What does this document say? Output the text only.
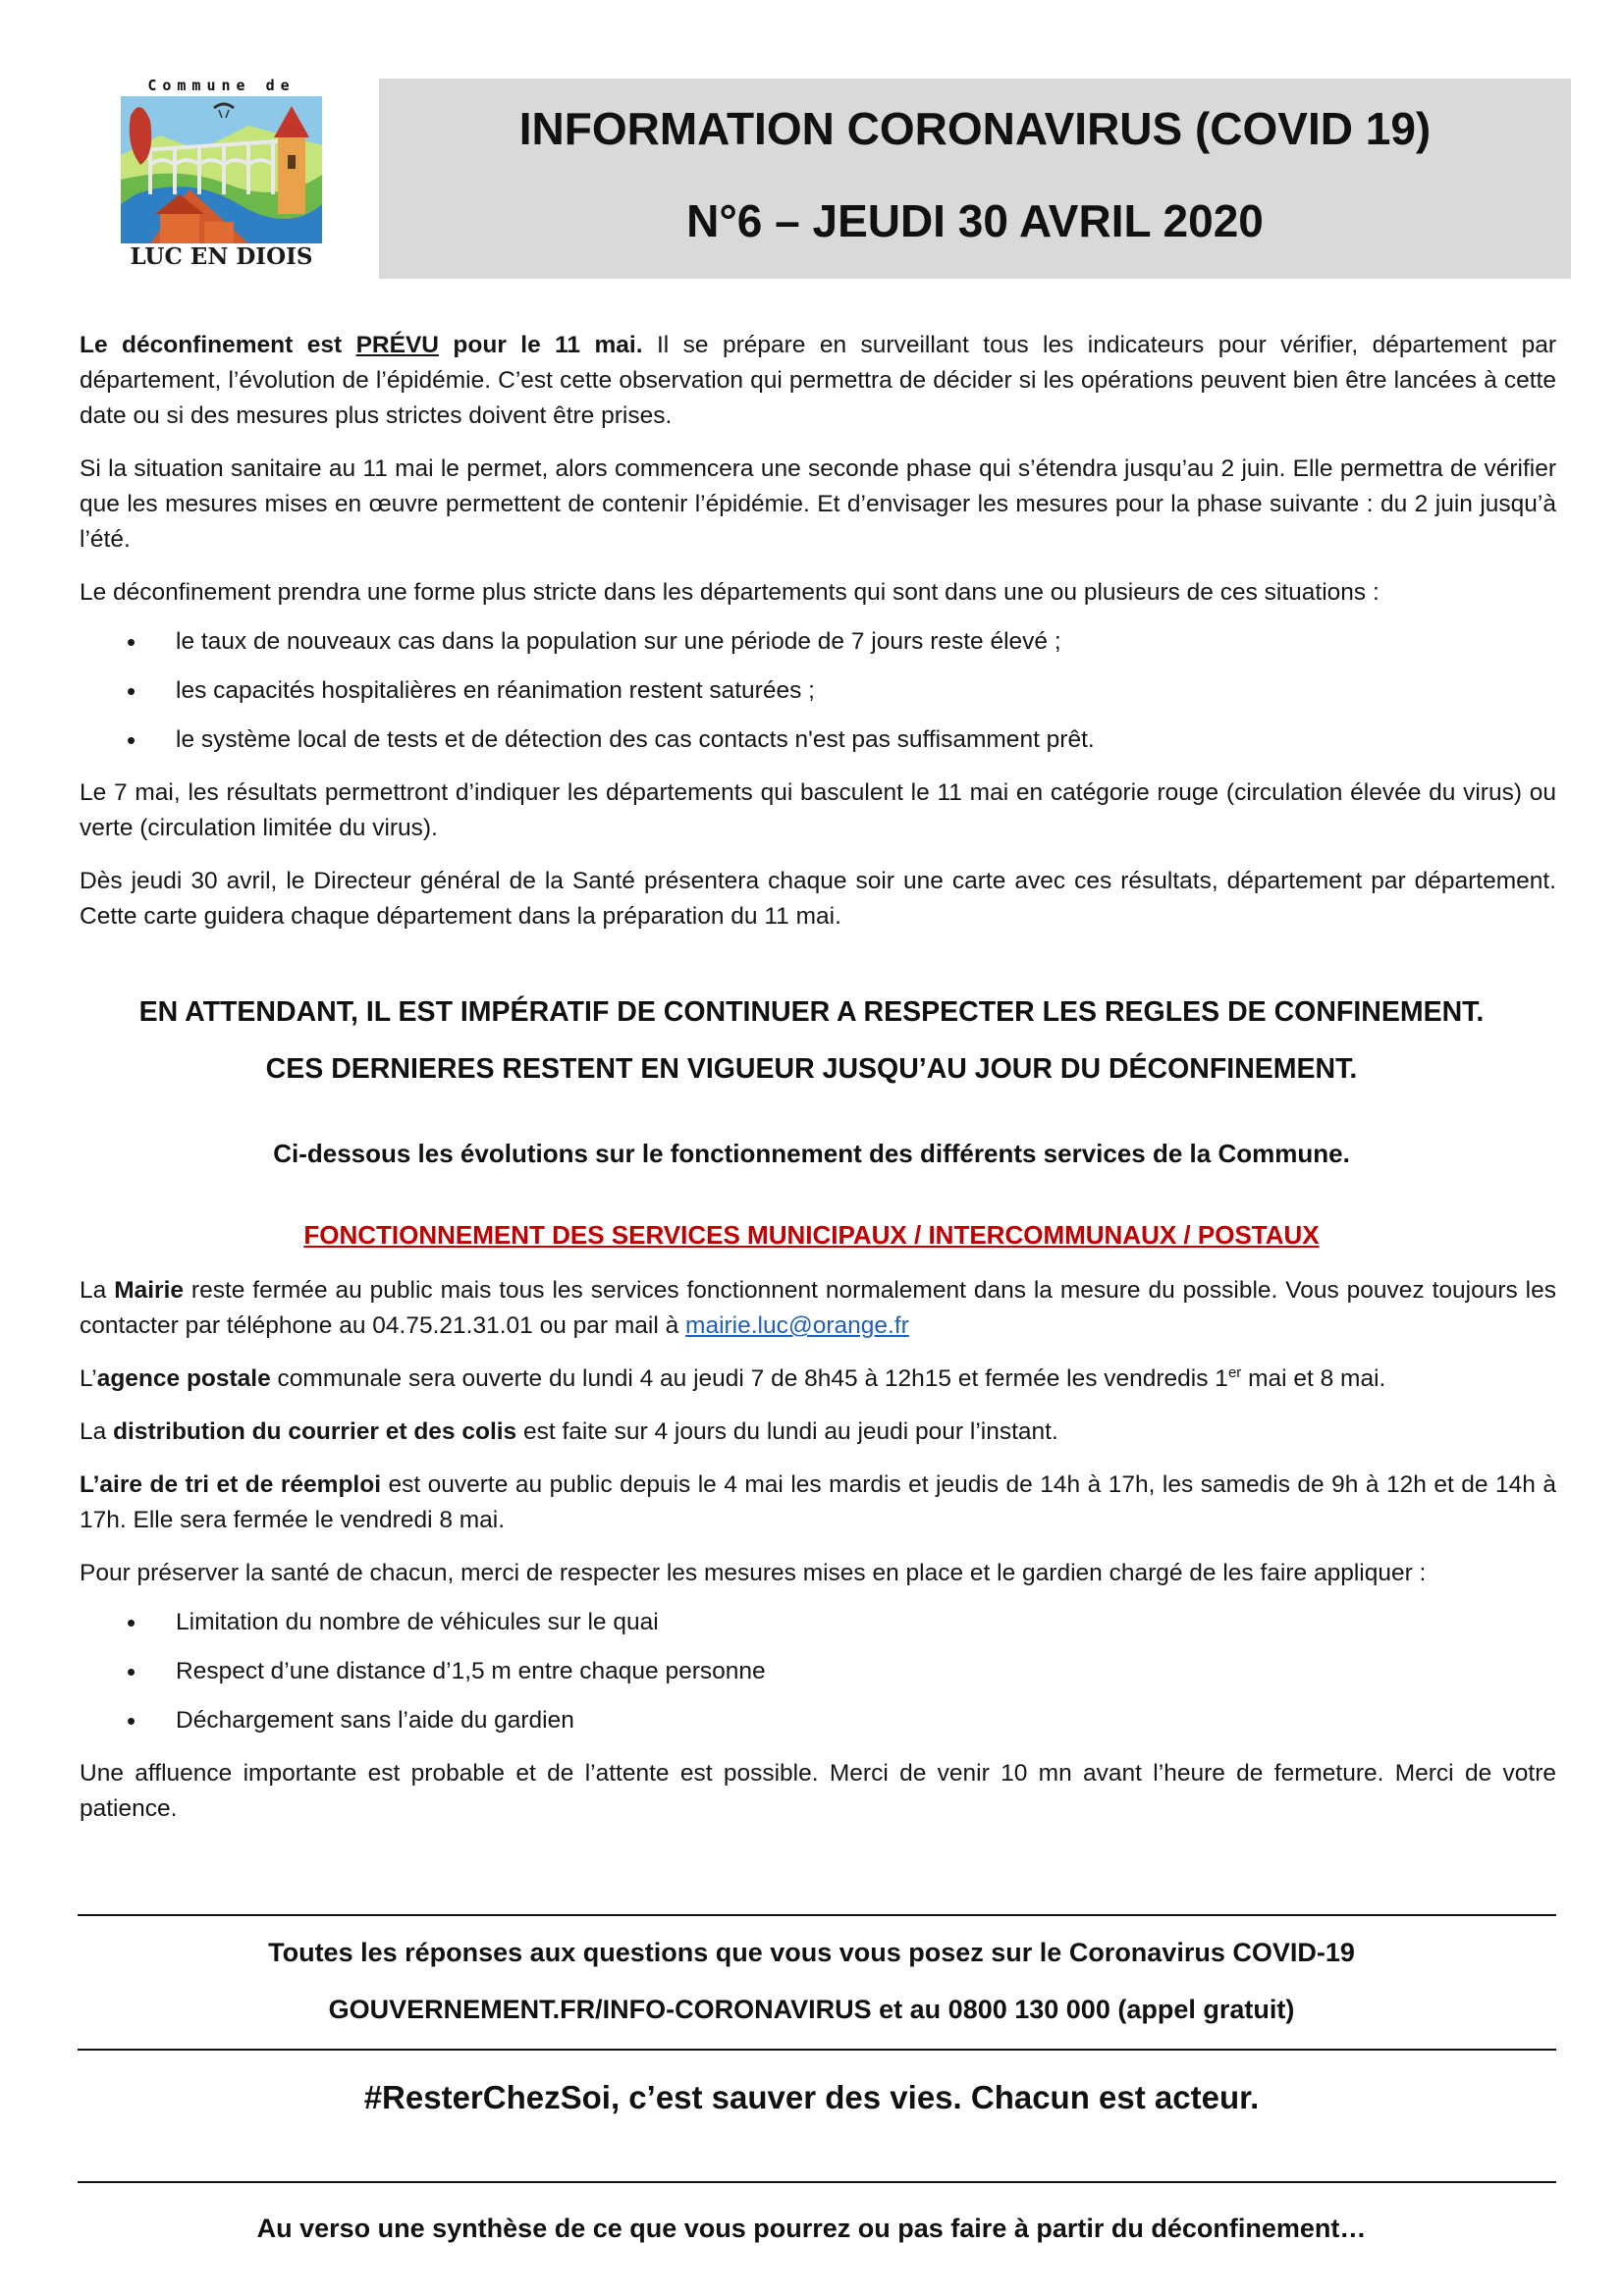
Commune de
LUC EN DIOIS
INFORMATION CORONAVIRUS (COVID 19)
N°6 – JEUDI 30 AVRIL 2020

Le déconfinement est PRÉVU pour le 11 mai. Il se prépare en surveillant tous les indicateurs pour vérifier, département par département, l’évolution de l’épidémie. C’est cette observation qui permettra de décider si les opérations peuvent bien être lancées à cette date ou si des mesures plus strictes doivent être prises.

Si la situation sanitaire au 11 mai le permet, alors commencera une seconde phase qui s’étendra jusqu’au 2 juin. Elle permettra de vérifier que les mesures mises en œuvre permettent de contenir l’épidémie. Et d’envisager les mesures pour la phase suivante : du 2 juin jusqu’à l’été.

Le déconfinement prendra une forme plus stricte dans les départements qui sont dans une ou plusieurs de ces situations :

• le taux de nouveaux cas dans la population sur une période de 7 jours reste élevé ;
• les capacités hospitalières en réanimation restent saturées ;
• le système local de tests et de détection des cas contacts n'est pas suffisamment prêt.

Le 7 mai, les résultats permettront d’indiquer les départements qui basculent le 11 mai en catégorie rouge (circulation élevée du virus) ou verte (circulation limitée du virus).

Dès jeudi 30 avril, le Directeur général de la Santé présentera chaque soir une carte avec ces résultats, département par département. Cette carte guidera chaque département dans la préparation du 11 mai.

EN ATTENDANT, IL EST IMPÉRATIF DE CONTINUER A RESPECTER LES REGLES DE CONFINEMENT.
CES DERNIERES RESTENT EN VIGUEUR JUSQU’AU JOUR DU DÉCONFINEMENT.
Ci-dessous les évolutions sur le fonctionnement des différents services de la Commune.
FONCTIONNEMENT DES SERVICES MUNICIPAUX / INTERCOMMUNAUX / POSTAUX

La Mairie reste fermée au public mais tous les services fonctionnent normalement dans la mesure du possible. Vous pouvez toujours les contacter par téléphone au 04.75.21.31.01 ou par mail à mairie.luc@orange.fr

L’agence postale communale sera ouverte du lundi 4 au jeudi 7 de 8h45 à 12h15 et fermée les vendredis 1er mai et 8 mai.

La distribution du courrier et des colis est faite sur 4 jours du lundi au jeudi pour l’instant.

L’aire de tri et de réemploi est ouverte au public depuis le 4 mai les mardis et jeudis de 14h à 17h, les samedis de 9h à 12h et de 14h à 17h. Elle sera fermée le vendredi 8 mai.

Pour préserver la santé de chacun, merci de respecter les mesures mises en place et le gardien chargé de les faire appliquer :

• Limitation du nombre de véhicules sur le quai
• Respect d’une distance d’1,5 m entre chaque personne
• Déchargement sans l’aide du gardien

Une affluence importante est probable et de l’attente est possible. Merci de venir 10 mn avant l’heure de fermeture. Merci de votre patience.

Toutes les réponses aux questions que vous vous posez sur le Coronavirus COVID-19
GOUVERNEMENT.FR/INFO-CORONAVIRUS et au 0800 130 000 (appel gratuit)
#ResterChezSoi, c’est sauver des vies. Chacun est acteur.
Au verso une synthèse de ce que vous pourrez ou pas faire à partir du déconfinement…
